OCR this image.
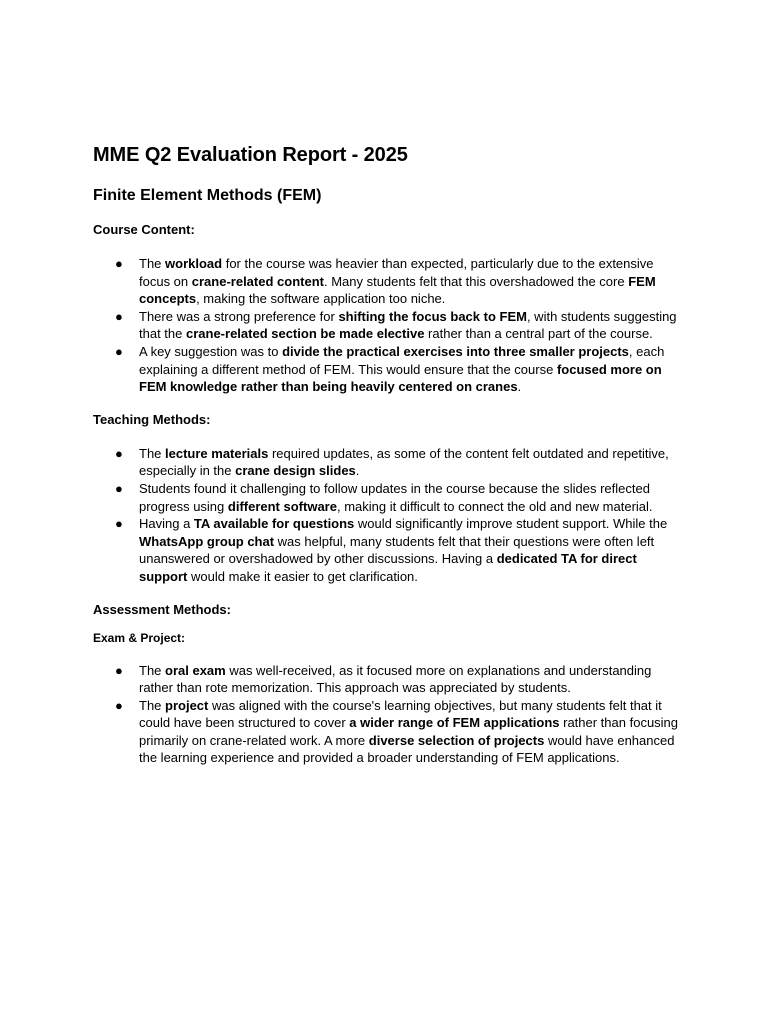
MME Q2 Evaluation Report - 2025
Finite Element Methods (FEM)

Course Content:

● The workload for the course was heavier than expected, particularly due to the extensive focus on crane-related content. Many students felt that this overshadowed the core FEM concepts, making the software application too niche.
● There was a strong preference for shifting the focus back to FEM, with students suggesting that the crane-related section be made elective rather than a central part of the course.
● A key suggestion was to divide the practical exercises into three smaller projects, each explaining a different method of FEM. This would ensure that the course focused more on FEM knowledge rather than being heavily centered on cranes.

Teaching Methods:

● The lecture materials required updates, as some of the content felt outdated and repetitive, especially in the crane design slides.
● Students found it challenging to follow updates in the course because the slides reflected progress using different software, making it difficult to connect the old and new material.
● Having a TA available for questions would significantly improve student support. While the WhatsApp group chat was helpful, many students felt that their questions were often left unanswered or overshadowed by other discussions. Having a dedicated TA for direct support would make it easier to get clarification.

Assessment Methods:

Exam & Project:

● The oral exam was well-received, as it focused more on explanations and understanding rather than rote memorization. This approach was appreciated by students.
● The project was aligned with the course's learning objectives, but many students felt that it could have been structured to cover a wider range of FEM applications rather than focusing primarily on crane-related work. A more diverse selection of projects would have enhanced the learning experience and provided a broader understanding of FEM applications.
